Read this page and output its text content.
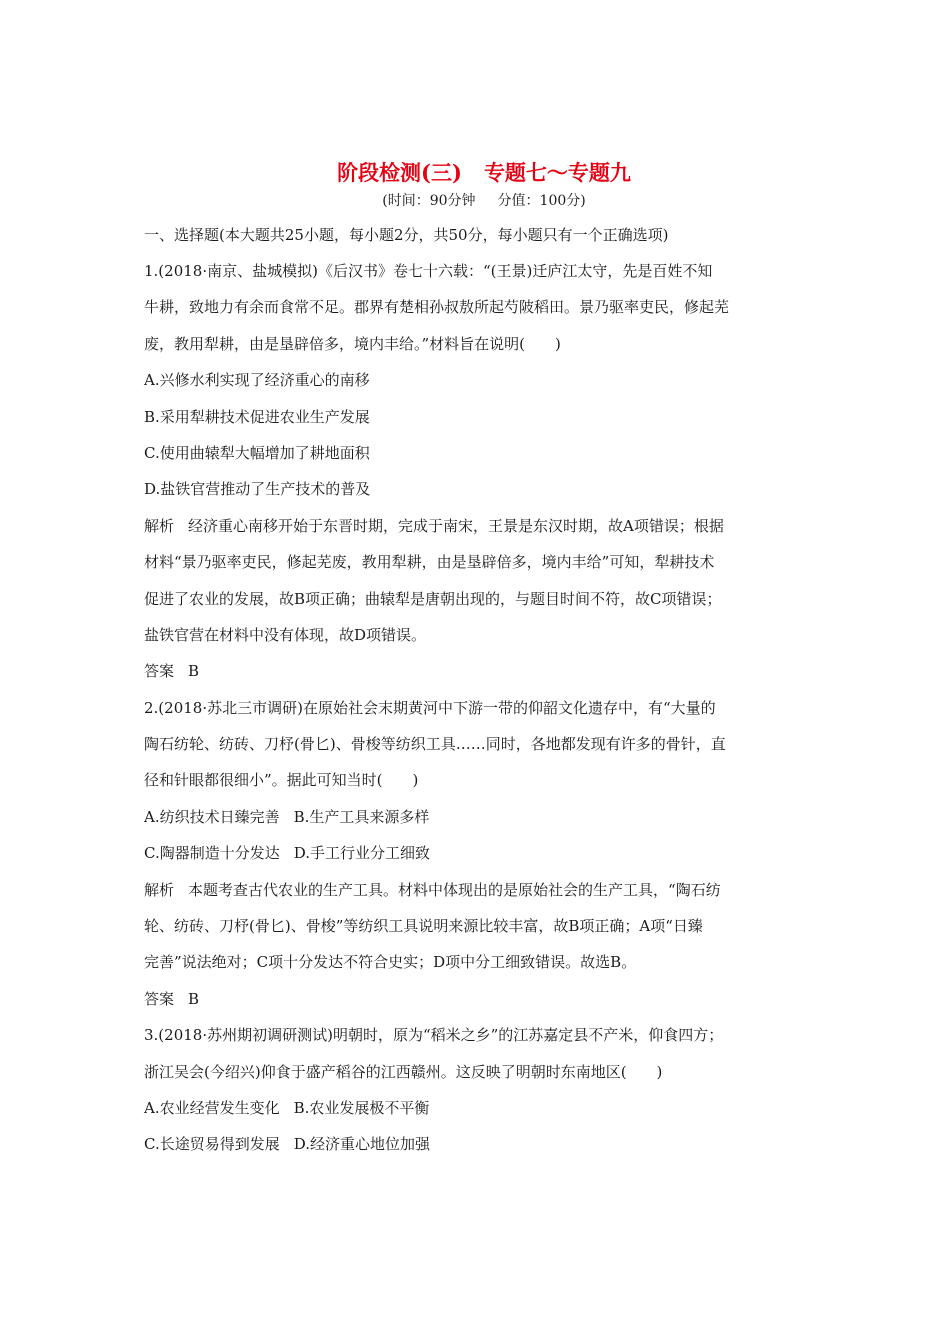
阶段检测(三) 专题七～专题九
(时间：90分钟 分值：100分)
一、选择题(本大题共25小题，每小题2分，共50分，每小题只有一个正确选项)
1.(2018·南京、盐城模拟)《后汉书》卷七十六载：“(王景)迁庐江太守，先是百姓不知
牛耕，致地力有余而食常不足。郡界有楚相孙叔敖所起芍陂稻田。景乃驱率吏民，修起芜
废，教用犁耕，由是垦辟倍多，境内丰给。”材料旨在说明(　　)
A.兴修水利实现了经济重心的南移
B.采用犁耕技术促进农业生产发展
C.使用曲辕犁大幅增加了耕地面积
D.盐铁官营推动了生产技术的普及
解析 经济重心南移开始于东晋时期，完成于南宋，王景是东汉时期，故A项错误；根据
材料“景乃驱率吏民，修起芜废，教用犁耕，由是垦辟倍多，境内丰给”可知，犁耕技术
促进了农业的发展，故B项正确；曲辕犁是唐朝出现的，与题目时间不符，故C项错误；
盐铁官营在材料中没有体现，故D项错误。
答案 B
2.(2018·苏北三市调研)在原始社会末期黄河中下游一带的仰韶文化遗存中，有“大量的
陶石纺轮、纺砖、刀杼(骨匕)、骨梭等纺织工具……同时，各地都发现有许多的骨针，直
径和针眼都很细小”。据此可知当时(　　)
A.纺织技术日臻完善 B.生产工具来源多样
C.陶器制造十分发达 D.手工行业分工细致
解析 本题考查古代农业的生产工具。材料中体现出的是原始社会的生产工具，“陶石纺
轮、纺砖、刀杼(骨匕)、骨梭”等纺织工具说明来源比较丰富，故B项正确；A项“日臻
完善”说法绝对；C项十分发达不符合史实；D项中分工细致错误。故选B。
答案 B
3.(2018·苏州期初调研测试)明朝时，原为“稻米之乡”的江苏嘉定县不产米，仰食四方；
浙江吴会(今绍兴)仰食于盛产稻谷的江西赣州。这反映了明朝时东南地区(　　)
A.农业经营发生变化 B.农业发展极不平衡
C.长途贸易得到发展 D.经济重心地位加强
